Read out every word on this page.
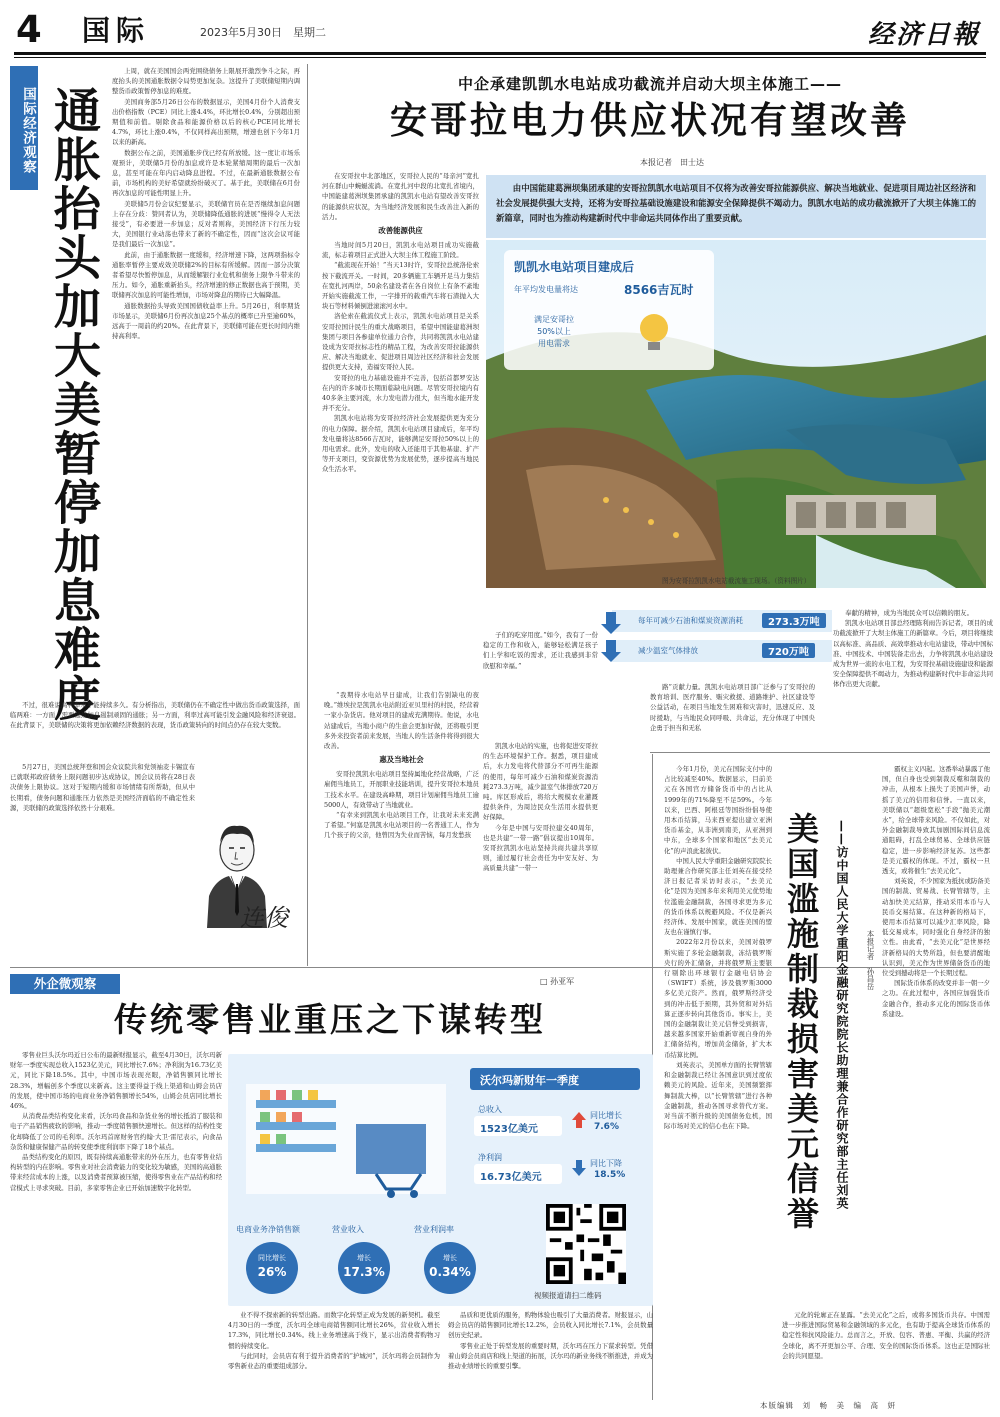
4 国际	2023年5月30日　星期二	经济日報
国际经济观察 通胀抬头加大美暂停加息难度

上周，就在美国国会两党围绕债务上限展开激烈争斗之际，再度抬头的美国通胀数据令局势更加复杂。这提升了美联储短期内调整货币政策暂停加息的难度。

美国商务部5月26日公布的数据显示，美国4月份个人消费支出价格指数（PCE）同比上涨4.4%，环比增长0.4%，分别超出预期值和前值。剔除食品和能源价格以后的核心PCE同比增长4.7%，环比上涨0.4%，不仅同样高出预期，增速也创下今年1月以来的新高。

数据公布之前，美国通胀步伐已经有所放缓。这一度让市场乐观预计，美联储5月份的加息或许是本轮紧缩周期的最后一次加息，甚至可能在年内启动降息进程。不过，在最新通胀数据公布前，市场机构的美好希望就纷纷破灭了。基于此，美联储在6月份再次加息的可能性明显上升。

美联储5月份会议纪要显示，美联储官员在是否继续加息问题上存在分歧：赞同者认为，美联储降低通胀的进展“慢得令人无法接受”，有必要进一步加息；反对者则称，美国经济下行压力较大，美国银行业动荡也带来了新的不确定性，因而“这次会议可能是我们最后一次加息”。

此前，由于通胀数据一度缓和，经济增速下降，这两项指标令通胀率暂停主要成效美联储2%的目标有所缓解。因而一部分决策者希望尽快暂停加息，从而缓解银行业危机和债务上限争斗带来的压力。如今，通胀重新抬头，经济增速的修正数据也高于预期，美联储再次加息的可能性增加，市场对降息的期待已大幅降温。

通胀数据抬头导致美国国债收益率上升。5月26日，利率期货市场显示，美联储6月份再次加息25个基点的概率已升至逾60%，远高于一周前的约20%。在此背景下，美联储可能在更长时间内维持高利率。

不过，很难说高利率水平能持续多久。有分析指出，美联储仍在不确定性中做出货币政策选择，面临两难：一方面，需要通过加息遏制顽固的通胀；另一方面，利率过高可能引发金融风险和经济衰退。在此背景下，美联储的决策将更加依赖经济数据的表现，货币政策转向的时间点仍存在较大变数。

5月27日，美国总统拜登和国会众议院共和党领袖麦卡锡宣布已就联邦政府债务上限问题初步达成协议，国会议员将在28日表决债务上限协议。这对于短期内缓和市场情绪有所帮助，但从中长期看，债务问题和通胀压力依然是美国经济面临的不确定性来源，美联储的政策选择依然十分艰难。

连俊
中企承建凯凯水电站成功截流并启动大坝主体施工——
安哥拉电力供应状况有望改善
本报记者　田士达
由中国能建葛洲坝集团承建的安哥拉凯凯水电站项目不仅将为改善安哥拉能源供应、解决当地就业、促进项目周边社区经济和社会发展提供强大支持，还将为安哥拉基础设施建设和能源安全保障提供不竭动力。凯凯水电站的成功截流掀开了大坝主体施工的新篇章，同时也为推动构建新时代中非命运共同体作出了重要贡献。

在安哥拉中北部地区，安哥拉人民的“母亲河”宽扎河在群山中蜿蜒流淌。在宽扎河中段的北宽扎省境内，中国能建葛洲坝集团承建的凯凯水电站有望改善安哥拉的能源供应状况，为当地经济发展和民生改善注入新的活力。

改善能源供应

当地时间5月20日，凯凯水电站项目成功实施截流，标志着项目正式进入大坝主体工程施工阶段。

“截流现在开始！”当天13时许，安哥拉总统洛伦索按下截流开关。一时间，20多辆施工车辆开足马力集结在宽扎河两岸，50余名建设者在各自岗位上有条不紊地开始实施截流工作，一字排开的载重汽车将石渣抛入大块石等材料倾倒进滚滚河水中。

洛伦索在截流仪式上表示，凯凯水电站项目是关系安哥拉国计民生的重大战略项目，希望中国能建葛洲坝集团与项目各参建单位通力合作，共同将凯凯水电站建设成为安哥拉标志性的精品工程，为改善安哥拉能源供应、解决当地就业、促进项目周边社区经济和社会发展提供更大支持，造福安哥拉人民。

安哥拉的电力基础设施并不完善，包括首都罗安达在内的许多城市长期面临缺电问题。尽管安哥拉境内有40多条主要河流，水力发电潜力很大，但当地水能开发并不充分。

凯凯水电站将为安哥拉经济社会发展提供更为充分的电力保障。据介绍，凯凯水电站项目建成后，年平均发电量将达8566吉瓦时，能够满足安哥拉50%以上的用电需求。此外，发电的收入还能用于其他基建、扩产等开支项目，变资源优势为发展优势，逐步提高当地民众生活水平。

凯凯水电站项目建成后
年平均发电量将达	8566吉瓦时
满足安哥拉
50%以上
用电需求
图为安哥拉凯凯水电站截流施工现场。（资料图片）
每年可减少石油和煤炭资源消耗	273.3万吨
减少温室气体排放	720万吨

“我期待水电站早日建成，让我们告别缺电的夜晚。”维埃拉是凯凯水电站附近亚贝里村的村民，经营着一家小杂货店。他对项目的建成充满期待。他说，水电站建成后，当地小商户的生意会更加好做，还将吸引更多外来投资者前来发展，当地人的生活条件将得到很大改善。

惠及当地社会

安哥拉凯凯水电站项目坚持属地化经营战略，广泛雇佣当地员工，开展职业技能培训，提升安哥拉本地员工技术水平。在建设高峰期，项目计划雇佣当地员工逾5000人，有效带动了当地就业。

“有幸来到凯凯水电站项目工作，让我对未来充满了希望。”何塞是凯凯水电站项目的一名普通工人，作为几个孩子的父亲，他曾因为失业而苦恼，每月发愁孩

子们的吃穿用度。”如今，我有了一份稳定的工作和收入，能够轻松满足孩子们上学和吃饭的需求，还让我感到非常欣慰和幸福。”

凯凯水电站的实施，也将促进安哥拉的生态环境保护工作。据悉，项目建成后，水力发电将代替部分不可再生能源的使用，每年可减少石油和煤炭资源消耗273.3万吨，减少温室气体排放720万吨。库区形成后，将给大规模农业灌溉提供条件，为周边民众生活用水提供更好保障。

今年是中国与安哥拉建交40周年，也是共建“一带一路”倡议提出10周年。安哥拉凯凯水电站坚持共商共建共享原则，通过履行社会责任为中安友好、为高质量共建“一带一

路”贡献力量。凯凯水电站项目部广泛参与了安哥拉的教育培训、医疗服务、赈灾救援、道路维护、社区建设等公益活动，在项目当地发生困难和灾害时，迅速反应、及时援助，与当地民众同呼吸、共命运，充分体现了中国央企勇于担当和无私

奉献的精神，成为当地民众可以信赖的朋友。

凯凯水电站项目部总经理陈利雨告诉记者，项目的成功截流掀开了大坝主体施工的新篇章。今后，项目将继续以高标准、高品质、高效率推动水电站建设，带动中国标准、中国技术、中国装备走出去，力争将凯凯水电站建设成为世界一流的水电工程，为安哥拉基础设施建设和能源安全保障提供不竭动力，为推动构建新时代中非命运共同体作出更大贡献。

美国滥施制裁损害美元信誉	——访中国人民大学重阳金融研究院院长助理兼合作研究部主任刘英	本报记者　孙昌岳

今年1月份，美元在国际支付中的占比较减至40%。数据显示，目前美元在各国官方储备货币中的占比从1999年的71%降至不足59%。今年以来，巴西、阿根廷等国纷纷倡导使用本币结算，马来西亚提出建立亚洲货币基金，从非洲到南美，从亚洲到中东，全球多个国家和地区“去美元化”的声浪此起彼伏。

中国人民大学重阳金融研究院院长助理兼合作研究部主任刘英在接受经济日报记者采访时表示，“去美元化”是因为美国多年来利用美元优势地位滥施金融制裁，各国寻求更为多元的货币体系以规避风险。不仅是新兴经济体、发展中国家，就连美国的盟友也在谨慎行事。

2022年2月份以来，美国对俄罗斯实施了多轮金融制裁，冻结俄罗斯央行的外汇储备，并将俄罗斯主要银行剔除出环球银行金融电信协会（SWIFT）系统，涉及俄罗斯3000多亿美元资产。然而，俄罗斯经济受到的冲击低于预期，其外贸和对外结算正逐步转向其他货币。事实上，美国的金融制裁让美元信誉受到损害，越来越多国家开始重新审视自身的外汇储备结构，增加黄金储备，扩大本币结算比例。

刘英表示，美国单方面的长臂管辖和金融制裁已经让各国意识到过度依赖美元的风险。近年来，美国频繁挥舞制裁大棒，以“长臂管辖”进行各种金融制裁，推动各国寻求替代方案。对当前不断升级的美国债务危机，国际市场对美元的信心也在下降。

霸权主义四起。这番举动暴露了他国，但自身也受到制裁反噬和制裁的冲击，从根本上损失了美国声誉，动摇了美元的信用和信誉。一直以来，美联储以“超级宽松”手段“抛美元潮水”，给全球带来风险。不仅如此，对外金融制裁导致其加剧国际间信息流通阻碍，打乱全球贸易、全球供应链稳定，进一步影响经济复苏。这些都是美元霸权的体现。不过，霸权一旦透支，或将催生“去美元化”。

刘英说，不少国家为抵抗或防备美国的制裁、贸易战、长臂管辖等，主动加快美元结算，推动采用本币与人民币交易结算。在这种新的格局下，使用本币结算可以减少汇率风险，降低交易成本，同时强化自身经济的独立性。由此看，“去美元化”是世界经济新格局的大势所趋，但也要清醒地认识到，美元作为世界储备货币的地位受到撼动将是一个长期过程。

国际货币体系的改变并非一朝一夕之功。在此过程中，各国应加强货币金融合作，推动多元化的国际货币体系建设。

元化的轮廓正在显露。“去美元化”之后，或将多国货币共存。中国需进一步推进国际贸易和金融领域的多元化，也有助于提高全球货币体系的稳定性和抗风险能力。总而言之，开放、包容、普惠、平衡、共赢的经济全球化，离不开更加公平、合理、安全的国际货币体系。这也正是国际社会的共同愿望。

外企微观察	□ 孙亚军
传统零售业重压之下谋转型

零售业巨头沃尔玛近日公布的最新财报显示，截至4月30日，沃尔玛新财年一季度实现总收入1523亿美元，同比增长7.6%；净利润为16.73亿美元，同比下降18.5%。其中，中国市场表现亮眼，净销售额同比增长28.3%，增幅创多个季度以来新高。这主要得益于线上渠道和山姆会员店的发展，使中国市场的电商业务净销售额增长54%，山姆会员店同比增长46%。

从消费品类结构变化来看，沃尔玛食品和杂货业务的增长抵消了服装和电子产品销售疲软的影响，推动一季度销售额快速增长。但这样的结构性变化却降低了公司的毛利率。沃尔玛首席财务官约翰·大卫·雷尼表示，向食品杂货和健康保健产品的转变使季度利润率下降了18个基点。

品类结构变化的原因，既有持续高通胀带来的外在压力，也有零售业结构转型的内在影响。零售业对社会消费能力的变化较为敏感，美国的高通胀带来经营成本的上涨，以及消费者预算被压缩，使得零售业在产品结构和经营模式上寻求突破。目前，多家零售企业已开始加速数字化转型。

沃尔玛新财年一季度
总收入
1523亿美元
同比增长
7.6%
净利润
16.73亿美元
同比下降
18.5%
电商业务净销售额	营业收入	营业利润率
同比增长
26%
增长
17.3%
增长
0.34%
视频报道请扫二维码

业不得不探索新的转型出路。而数字化转型正成为发展的新契机。截至4月30日的一季度，沃尔玛全球电商销售额同比增长26%，营业收入增长17.3%，同比增长0.34%。线上业务增速高于线下，显示出消费者购物习惯的持续变化。

与此同时，会员店有利于提升消费者的“护城河”，沃尔玛将会员制作为零售新业态的重要组成部分。

品质和更优质的服务，购物体验也吸引了大量消费者。财报显示，山姆会员店的销售额同比增长12.2%，会员收入同比增长7.1%，会员数量创历史纪录。

零售业正处于转型发展的重要时期，沃尔玛在压力下谋求转型。凭借着山姆会员商店和线上渠道的拓展，沃尔玛的新业务线不断推进，并成为推动业绩增长的重要引擎。

本版编辑　刘　畅　美　编　高　妍
